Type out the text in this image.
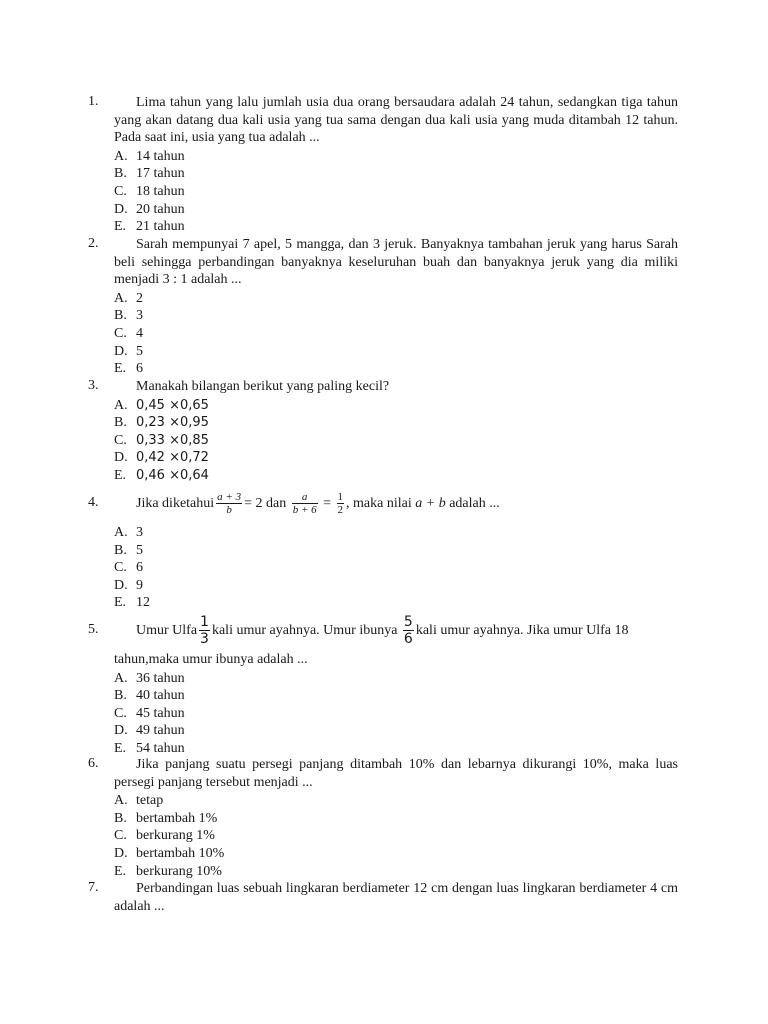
1.	Lima tahun yang lalu jumlah usia dua orang bersaudara adalah 24 tahun, sedangkan tiga tahun yang akan datang dua kali usia yang tua sama dengan dua kali usia yang muda ditambah 12 tahun. Pada saat ini, usia yang tua adalah ...
A. 14 tahun
B. 17 tahun
C. 18 tahun
D. 20 tahun
E. 21 tahun
2.	Sarah mempunyai 7 apel, 5 mangga, dan 3 jeruk. Banyaknya tambahan jeruk yang harus Sarah beli sehingga perbandingan banyaknya keseluruhan buah dan banyaknya jeruk yang dia miliki menjadi 3 : 1 adalah ...
A. 2
B. 3
C. 4
D. 5
E. 6
3.	Manakah bilangan berikut yang paling kecil?
A. 0,45 ×0,65
B. 0,23 ×0,95
C. 0,33 ×0,85
D. 0,42 ×0,72
E. 0,46 ×0,64
4.	Jika diketahui $\frac{a + 3}{b} = 2$ dan $\frac{a}{b + 6} = \frac{1}{2}$ , maka nilai a + b adalah ...
A. 3
B. 5
C. 6
D. 9
E. 12
5.	Umur Ulfa $\frac{1}{3}$ kali umur ayahnya. Umur ibunya $\frac{5}{6}$ kali umur ayahnya. Jika umur Ulfa 18
tahun,maka umur ibunya adalah ...
A. 36 tahun
B. 40 tahun
C. 45 tahun
D. 49 tahun
E. 54 tahun
6.	Jika panjang suatu persegi panjang ditambah 10% dan lebarnya dikurangi 10%, maka luas persegi panjang tersebut menjadi ...
A. tetap
B. bertambah 1%
C. berkurang 1%
D. bertambah 10%
E. berkurang 10%
7.	Perbandingan luas sebuah lingkaran berdiameter 12 cm dengan luas lingkaran berdiameter 4 cm adalah ...
